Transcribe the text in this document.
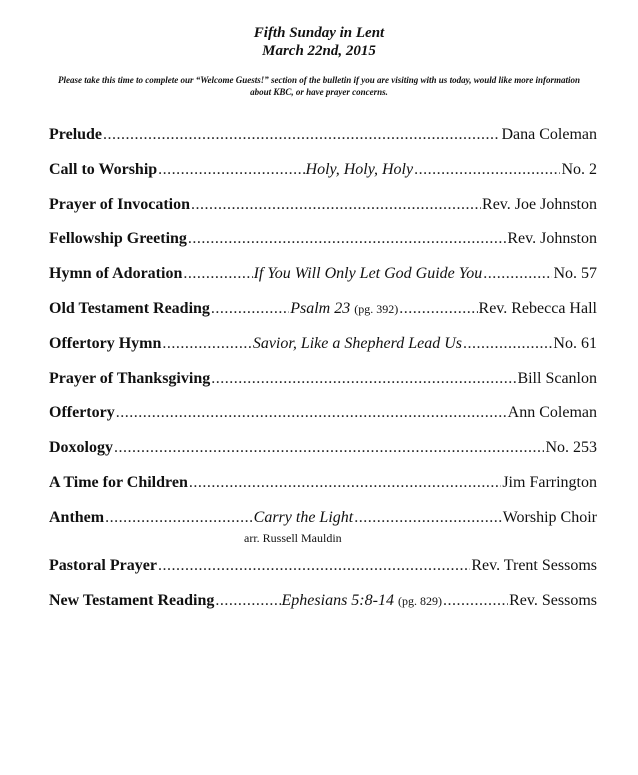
Fifth Sunday in Lent
March 22nd, 2015
Please take this time to complete our “Welcome Guests!” section of the bulletin if you are visiting with us today, would like more information about KBC, or have prayer concerns.
Prelude .....	Dana Coleman
Call to Worship .....	Holy, Holy, Holy .....	No. 2
Prayer of Invocation .....	Rev. Joe Johnston
Fellowship Greeting .....	Rev. Johnston
Hymn of Adoration .....	If You Will Only Let God Guide You .....	No. 57
Old Testament Reading .....	Psalm 23 (pg. 392) .....	Rev. Rebecca Hall
Offertory Hymn .....	Savior, Like a Shepherd Lead Us .....	No. 61
Prayer of Thanksgiving .....	Bill Scanlon
Offertory .....	Ann Coleman
Doxology .....	No. 253
A Time for Children .....	Jim Farrington
Anthem .....	Carry the Light .....	Worship Choir
arr. Russell Mauldin
Pastoral Prayer .....	Rev. Trent Sessoms
New Testament Reading .....	Ephesians 5:8-14 (pg. 829) .....	Rev. Sessoms
